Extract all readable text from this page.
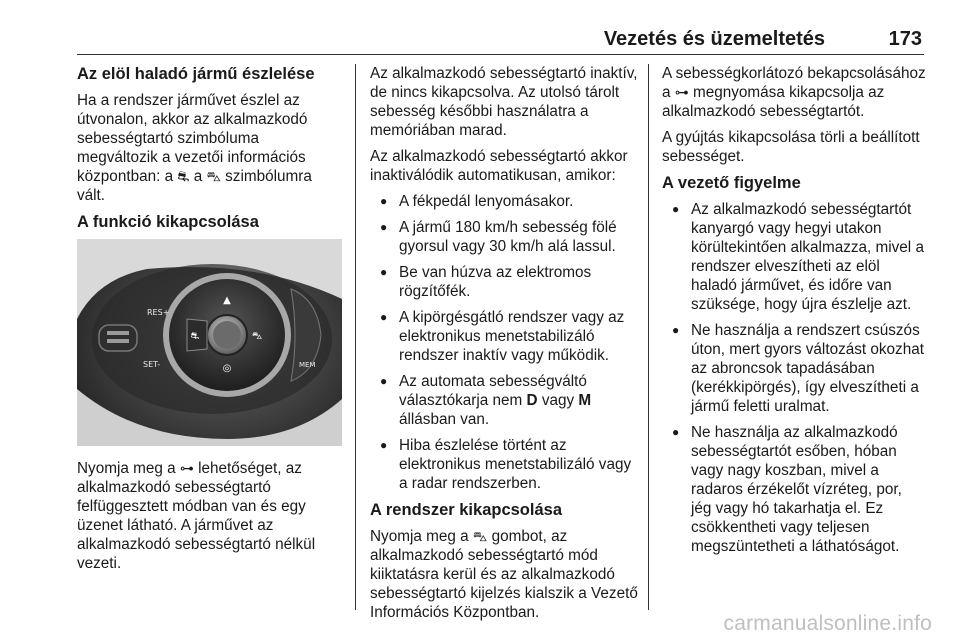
Vezetés és üzemeltetés	173
Az elöl haladó jármű észlelése

Ha a rendszer járművet észlel az útvonalon, akkor az alkalmazkodó sebességtartó szimbóluma megváltozik a vezetői információs központban: a ⛐ a ⛍ szimbólumra vált.

A funkció kikapcsolása
⛐
▲
⛍
◎
RES+
SET-	MEM

Nyomja meg a ⊶ lehetőséget, az alkalmazkodó sebességtartó felfüggesztett módban van és egy üzenet látható. A járművet az alkalmazkodó sebességtartó nélkül vezeti.

Az alkalmazkodó sebességtartó inaktív, de nincs kikapcsolva. Az utolsó tárolt sebesség későbbi használatra a memóriában marad.

Az alkalmazkodó sebességtartó akkor inaktiválódik automatikusan, amikor:

● A fékpedál lenyomásakor.
● A jármű 180 km/h sebesség fölé gyorsul vagy 30 km/h alá lassul.
● Be van húzva az elektromos rögzítőfék.
● A kipörgésgátló rendszer vagy az elektronikus menetstabilizáló rendszer inaktív vagy működik.
● Az automata sebességváltó választókarja nem D vagy M állásban van.
● Hiba észlelése történt az elektronikus menetstabilizáló vagy a radar rendszerben.
A rendszer kikapcsolása

Nyomja meg a ⛍ gombot, az alkalmazkodó sebességtartó mód kiiktatásra kerül és az alkalmazkodó sebességtartó kijelzés kialszik a Vezető Információs Központban.

A sebességkorlátozó bekapcsolásához a ⊶ megnyomása kikapcsolja az alkalmazkodó sebességtartót.

A gyújtás kikapcsolása törli a beállított sebességet.

A vezető figyelme
● Az alkalmazkodó sebességtartót kanyargó vagy hegyi utakon körültekintően alkalmazza, mivel a rendszer elveszítheti az elöl haladó járművet, és időre van szüksége, hogy újra észlelje azt.
● Ne használja a rendszert csúszós úton, mert gyors változást okozhat az abroncsok tapadásában (kerékkipörgés), így elveszítheti a jármű feletti uralmat.
● Ne használja az alkalmazkodó sebességtartót esőben, hóban vagy nagy koszban, mivel a radaros érzékelőt vízréteg, por, jég vagy hó takarhatja el. Ez csökkentheti vagy teljesen megszüntetheti a láthatóságot.
carmanualsonline.info
